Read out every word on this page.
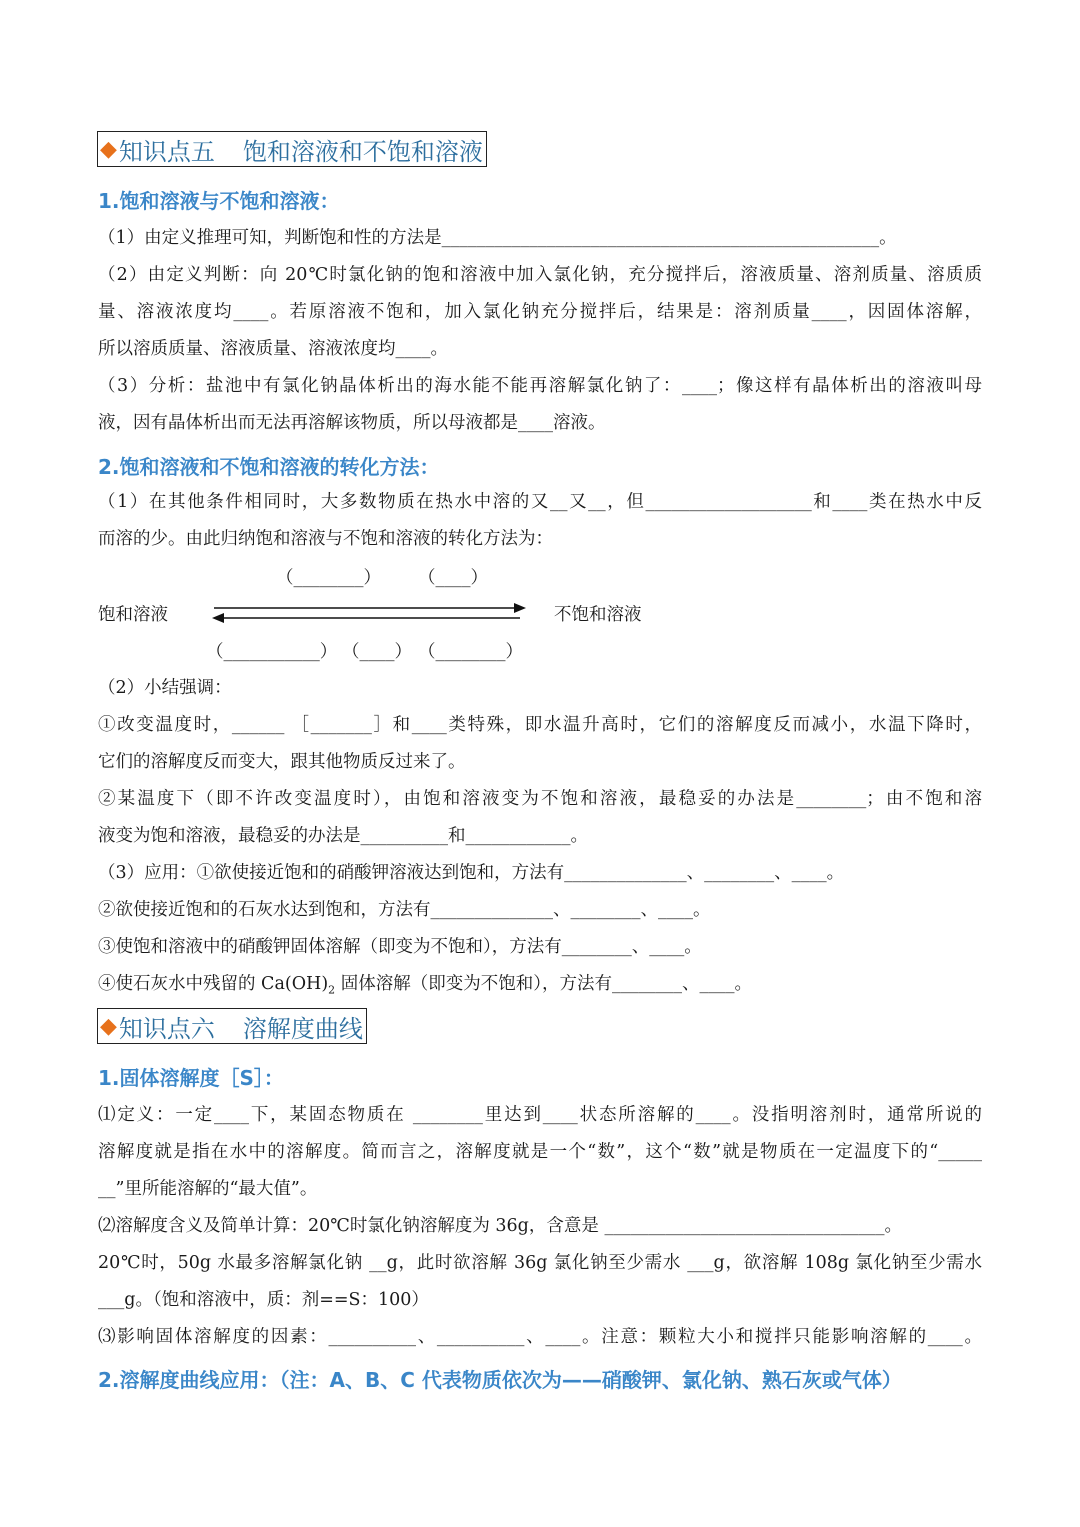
◆ 知识点五 饱和溶液和不饱和溶液
1.饱和溶液与不饱和溶液：
（1）由定义推理可知，判断饱和性的方法是__________________________________________________。
（2）由定义判断：向 20℃时氯化钠的饱和溶液中加入氯化钠，充分搅拌后，溶液质量、溶剂质量、溶质质
量、溶液浓度均____。若原溶液不饱和，加入氯化钠充分搅拌后，结果是：溶剂质量____，因固体溶解，
所以溶质质量、溶液质量、溶液浓度均____。
（3）分析：盐池中有氯化钠晶体析出的海水能不能再溶解氯化钠了：____；像这样有晶体析出的溶液叫母
液，因有晶体析出而无法再溶解该物质，所以母液都是____溶液。
2.饱和溶液和不饱和溶液的转化方法：
（1）在其他条件相同时，大多数物质在热水中溶的又__又__，但___________________和____类在热水中反
而溶的少。由此归纳饱和溶液与不饱和溶液的转化方法为：
（________） （____）
饱和溶液	不饱和溶液
（___________） （____） （________）
（2）小结强调：
①改变温度时，______ ［_______］和____类特殊，即水温升高时，它们的溶解度反而减小，水温下降时，
它们的溶解度反而变大，跟其他物质反过来了。
②某温度下（即不许改变温度时），由饱和溶液变为不饱和溶液，最稳妥的办法是________；由不饱和溶
液变为饱和溶液，最稳妥的办法是__________和____________。
（3）应用：①欲使接近饱和的硝酸钾溶液达到饱和，方法有______________、________、____。
②欲使接近饱和的石灰水达到饱和，方法有______________、________、____。
③使饱和溶液中的硝酸钾固体溶解（即变为不饱和），方法有________、____。
④使石灰水中残留的 $Ca(OH)_2$ 固体溶解（即变为不饱和），方法有________、____。
◆ 知识点六 溶解度曲线
1.固体溶解度［S］：
⑴定义：一定____下，某固态物质在 ________里达到____状态所溶解的____。没指明溶剂时，通常所说的
溶解度就是指在水中的溶解度。简而言之，溶解度就是一个“数”，这个“数”就是物质在一定温度下的“_____
__”里所能溶解的“最大值”。
⑵溶解度含义及简单计算：20℃时氯化钠溶解度为 36g，含意是 ________________________________。
20℃时，50g 水最多溶解氯化钠 __g，此时欲溶解 36g 氯化钠至少需水 ___g，欲溶解 108g 氯化钠至少需水
___g。（饱和溶液中，质：剂==S：100）
⑶影响固体溶解度的因素：__________、__________、____。注意：颗粒大小和搅拌只能影响溶解的____。
2.溶解度曲线应用：（注：A、B、C 代表物质依次为——硝酸钾、氯化钠、熟石灰或气体）
